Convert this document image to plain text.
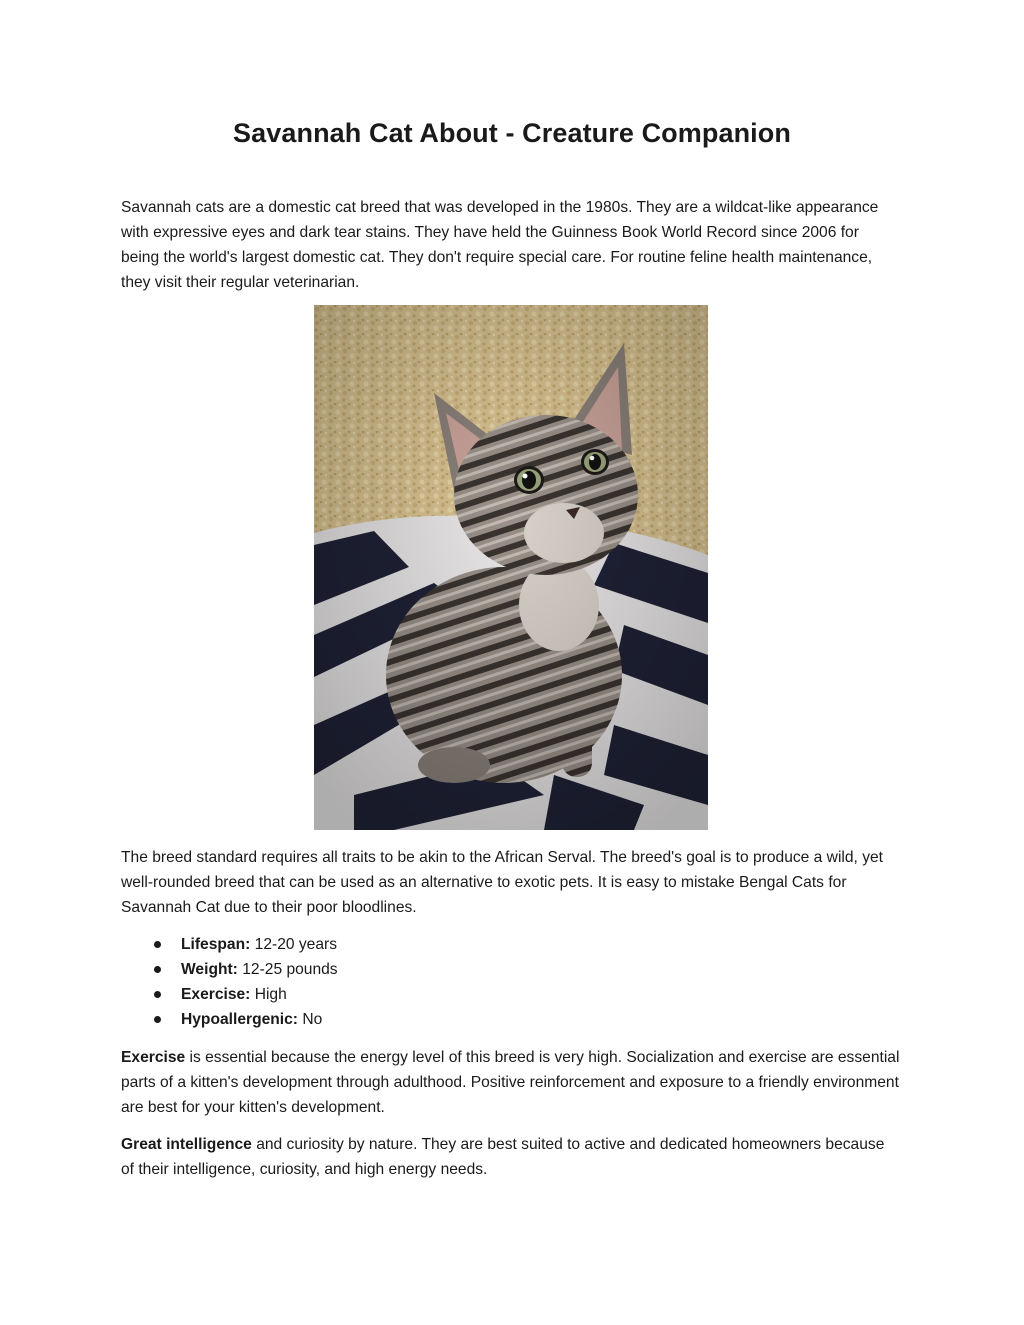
Savannah Cat About - Creature Companion

Savannah cats are a domestic cat breed that was developed in the 1980s. They are a wildcat-like appearance with expressive eyes and dark tear stains. They have held the Guinness Book World Record since 2006 for being the world's largest domestic cat. They don't require special care. For routine feline health maintenance, they visit their regular veterinarian.

The breed standard requires all traits to be akin to the African Serval. The breed's goal is to produce a wild, yet well-rounded breed that can be used as an alternative to exotic pets. It is easy to mistake Bengal Cats for Savannah Cat due to their poor bloodlines.

Lifespan: 12-20 years
Weight: 12-25 pounds
Exercise: High
Hypoallergenic: No

Exercise is essential because the energy level of this breed is very high. Socialization and exercise are essential parts of a kitten's development through adulthood. Positive reinforcement and exposure to a friendly environment are best for your kitten's development.

Great intelligence and curiosity by nature. They are best suited to active and dedicated homeowners because of their intelligence, curiosity, and high energy needs.
